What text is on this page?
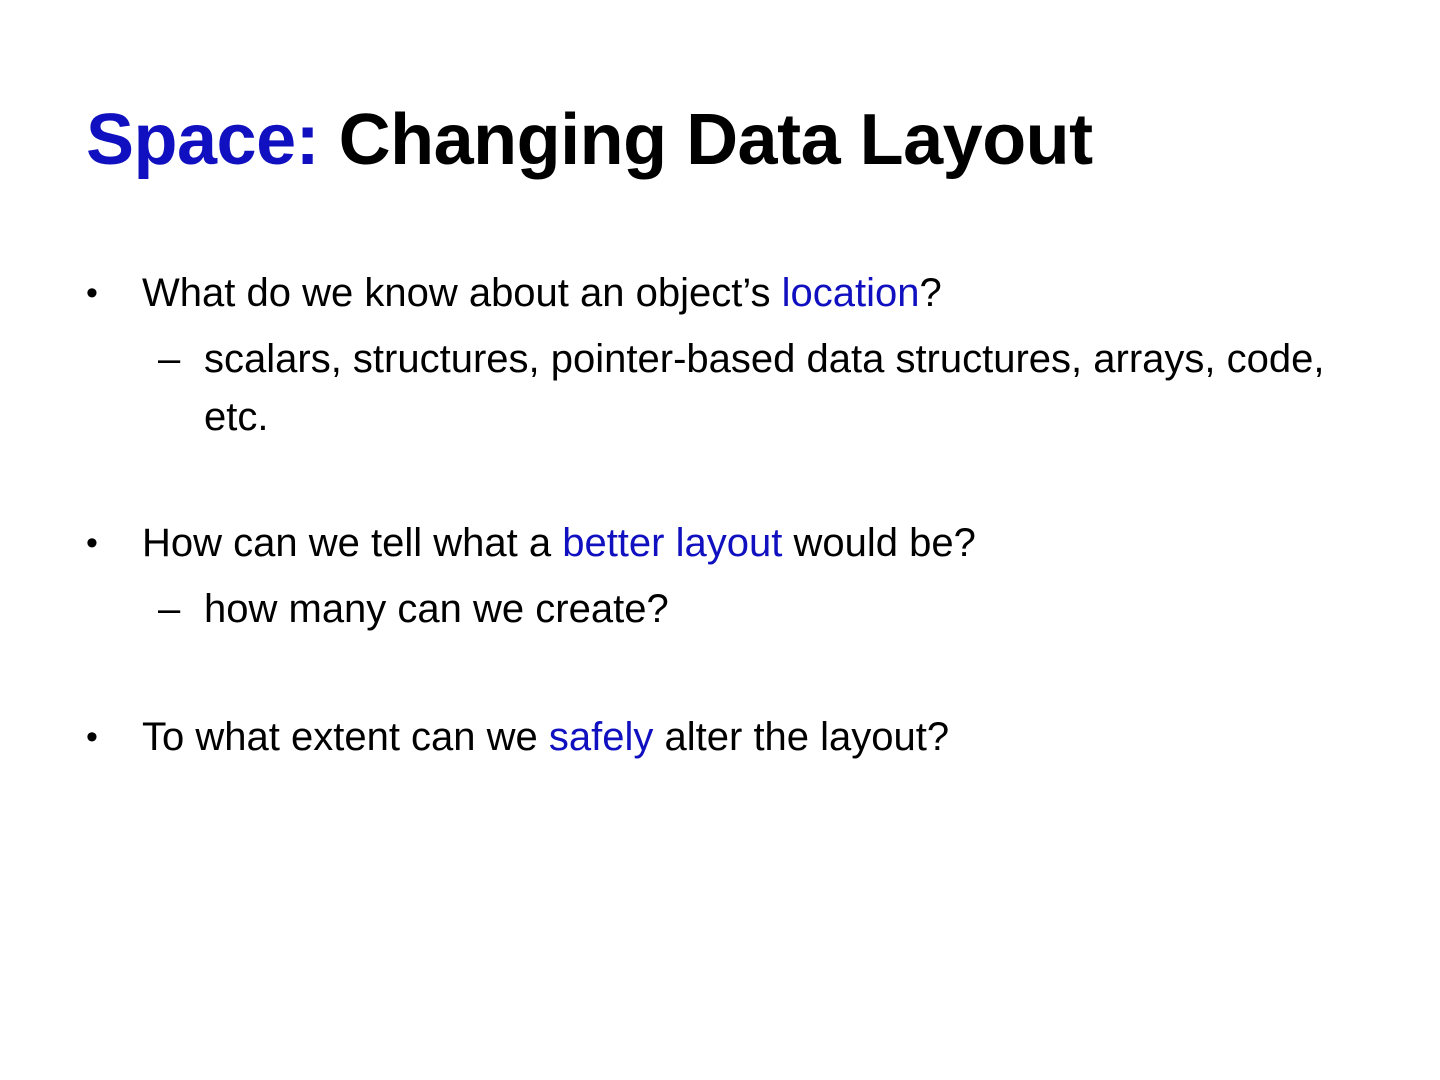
Space: Changing Data Layout
• What do we know about an object’s location?
– scalars, structures, pointer-based data structures, arrays, code, etc.
• How can we tell what a better layout would be?
– how many can we create?
• To what extent can we safely alter the layout?
